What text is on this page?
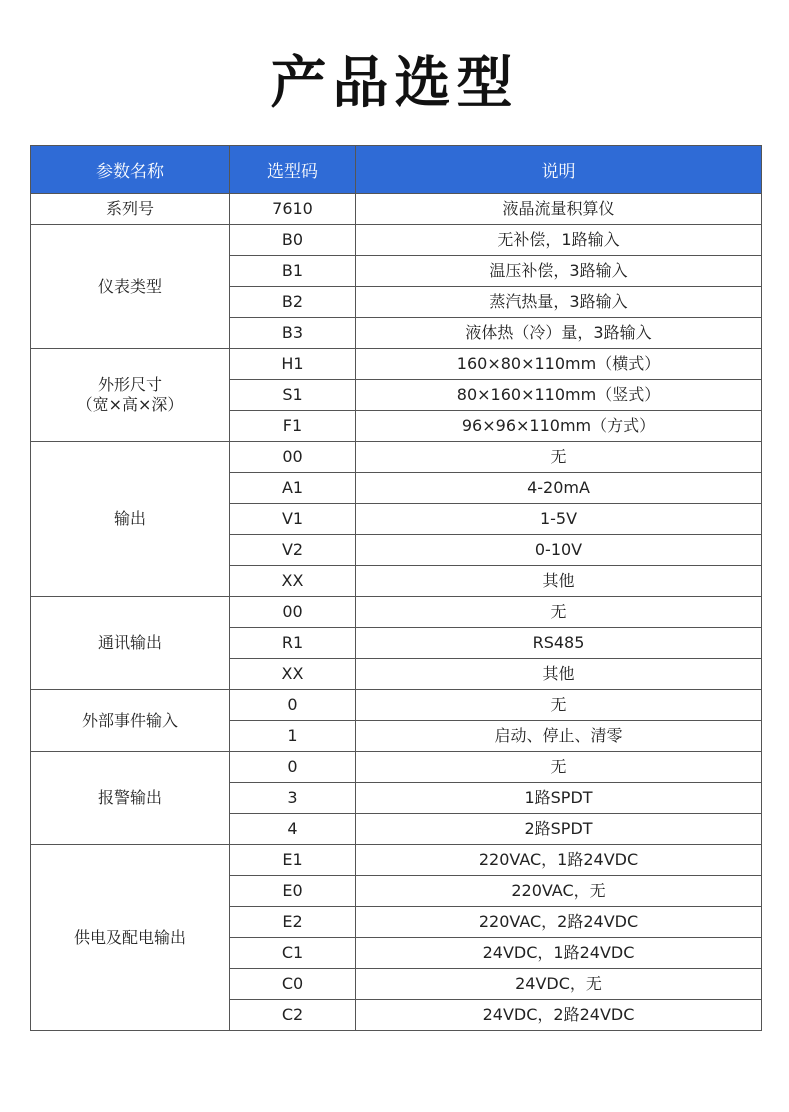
产品选型
参数名称	选型码	说明

系列号	7610	液晶流量积算仪

仪表类型	B0	无补偿，1路输入
	B1	温压补偿，3路输入
	B2	蒸汽热量，3路输入
	B3	液体热（冷）量，3路输入

外形尺寸
（宽×高×深）	H1	160×80×110mm（横式）
	S1	80×160×110mm（竖式）
	F1	96×96×110mm（方式）

输出	00	无
	A1	4-20mA
	V1	1-5V
	V2	0-10V
	XX	其他

通讯输出	00	无
	R1	RS485
	XX	其他

外部事件输入	0	无
	1	启动、停止、清零

报警输出	0	无
	3	1路SPDT
	4	2路SPDT

供电及配电输出	E1	220VAC，1路24VDC
	E0	220VAC，无
	E2	220VAC，2路24VDC
	C1	24VDC，1路24VDC
	C0	24VDC，无
	C2	24VDC，2路24VDC
